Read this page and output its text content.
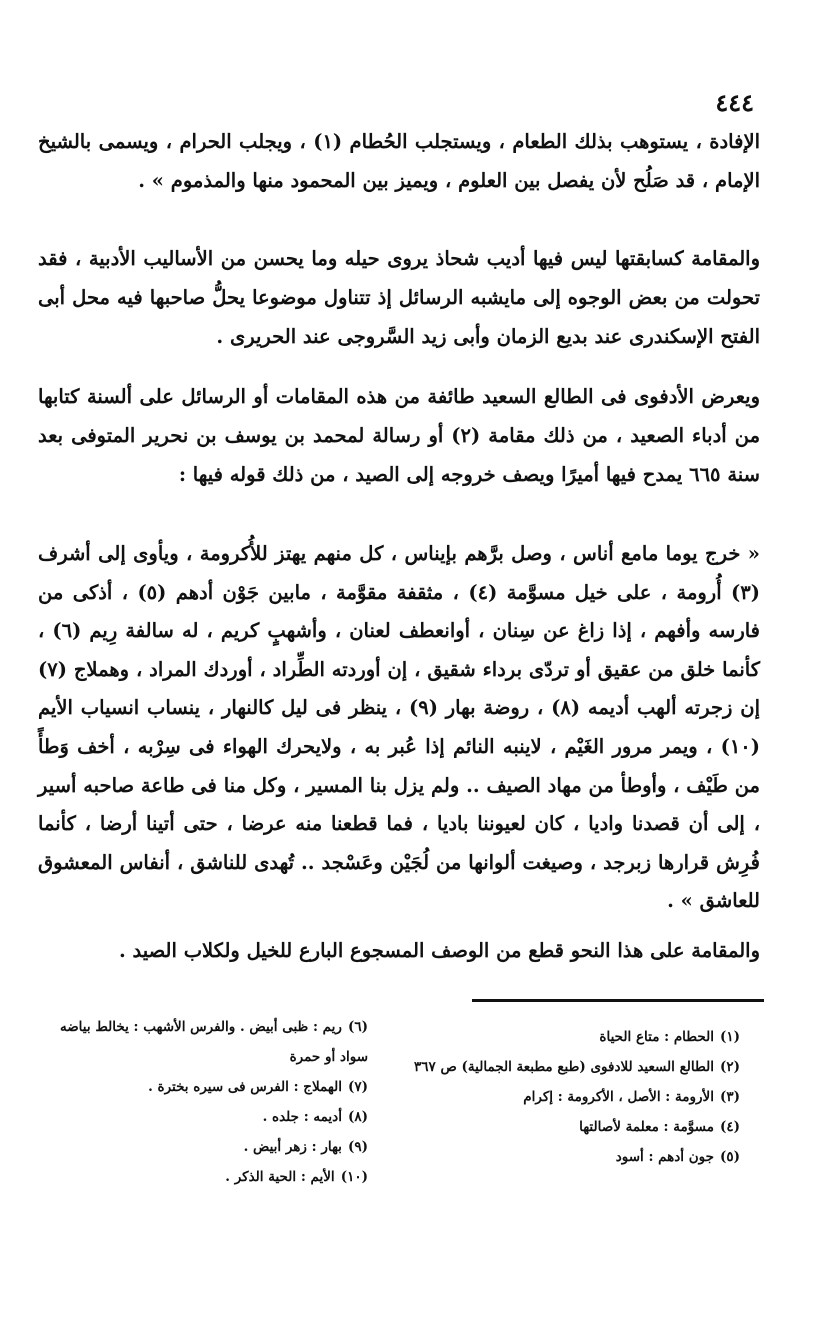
٤٤٤
الإفادة ، يستوهب بذلك الطعام ، ويستجلب الحُطام (١) ، ويجلب الحرام ، ويسمى بالشيخ الإمام ، قد صَلُح لأن يفصل بين العلوم ، ويميز بين المحمود منها والمذموم » .
والمقامة كسابقتها ليس فيها أديب شحاذ يروى حيله وما يحسن من الأساليب الأدبية ، فقد تحولت من بعض الوجوه إلى مايشبه الرسائل إذ تتناول موضوعا يحلُّ صاحبها فيه محل أبى الفتح الإسكندرى عند بديع الزمان وأبى زيد السَّروجى عند الحريرى .
ويعرض الأدفوى فى الطالع السعيد طائفة من هذه المقامات أو الرسائل على ألسنة كتابها من أدباء الصعيد ، من ذلك مقامة (٢) أو رسالة لمحمد بن يوسف بن نحرير المتوفى بعد سنة ٦٦٥ يمدح فيها أميرًا ويصف خروجه إلى الصيد ، من ذلك قوله فيها :
« خرج يوما مامع أناس ، وصل برَّهم بإيناس ، كل منهم يهتز للأُكرومة ، ويأوى إلى أشرف (٣) أُرومة ، على خيل مسوَّمة (٤) ، مثقفة مقوَّمة ، مابين جَوْن أدهم (٥) ، أذكى من فارسه وأفهم ، إذا زاغ عن سِنان ، أوانعطف لعنان ، وأشهبٍ كريم ، له سالفة رِيم (٦) ، كأنما خلق من عقيق أو تردّى برداء شقيق ، إن أوردته الطِّراد ، أوردك المراد ، وهملاج (٧) إن زجرته ألهب أديمه (٨) ، روضة بهار (٩) ، ينظر فى ليل كالنهار ، ينساب انسياب الأيم (١٠) ، ويمر مرور الغَيْم ، لاينبه النائم إذا عُبر به ، ولايحرك الهواء فى سِرْبه ، أخف وَطأً من طَيْف ، وأوطأ من مهاد الصيف .. ولم يزل بنا المسير ، وكل منا فى طاعة صاحبه أسير ، إلى أن قصدنا واديا ، كان لعيوننا باديا ، فما قطعنا منه عرضا ، حتى أتينا أرضا ، كأنما فُرِش قرارها زبرجد ، وصيغت ألوانها من لُجَيْن وعَسْجد .. تُهدى للناشق ، أنفاس المعشوق للعاشق » .
والمقامة على هذا النحو قطع من الوصف المسجوع البارع للخيل ولكلاب الصيد .
(١)الحطام : متاع الحياة
(٢)الطالع السعيد للادفوى (طبع مطبعة الجمالية) ص ٣٦٧
(٣)الأرومة : الأصل ، الأكرومة : إكرام
(٤)مسوَّمة : معلمة لأصالتها
(٥)جون أدهم : أسود
(٦)ريم : ظبى أبيض . والفرس الأشهب : يخالط بياضه سواد أو حمرة
(٧)الهملاج : الفرس فى سيره بخترة .
(٨)أديمه : جلده .
(٩)بهار : زهر أبيض .
(١٠)الأيم : الحية الذكر .
